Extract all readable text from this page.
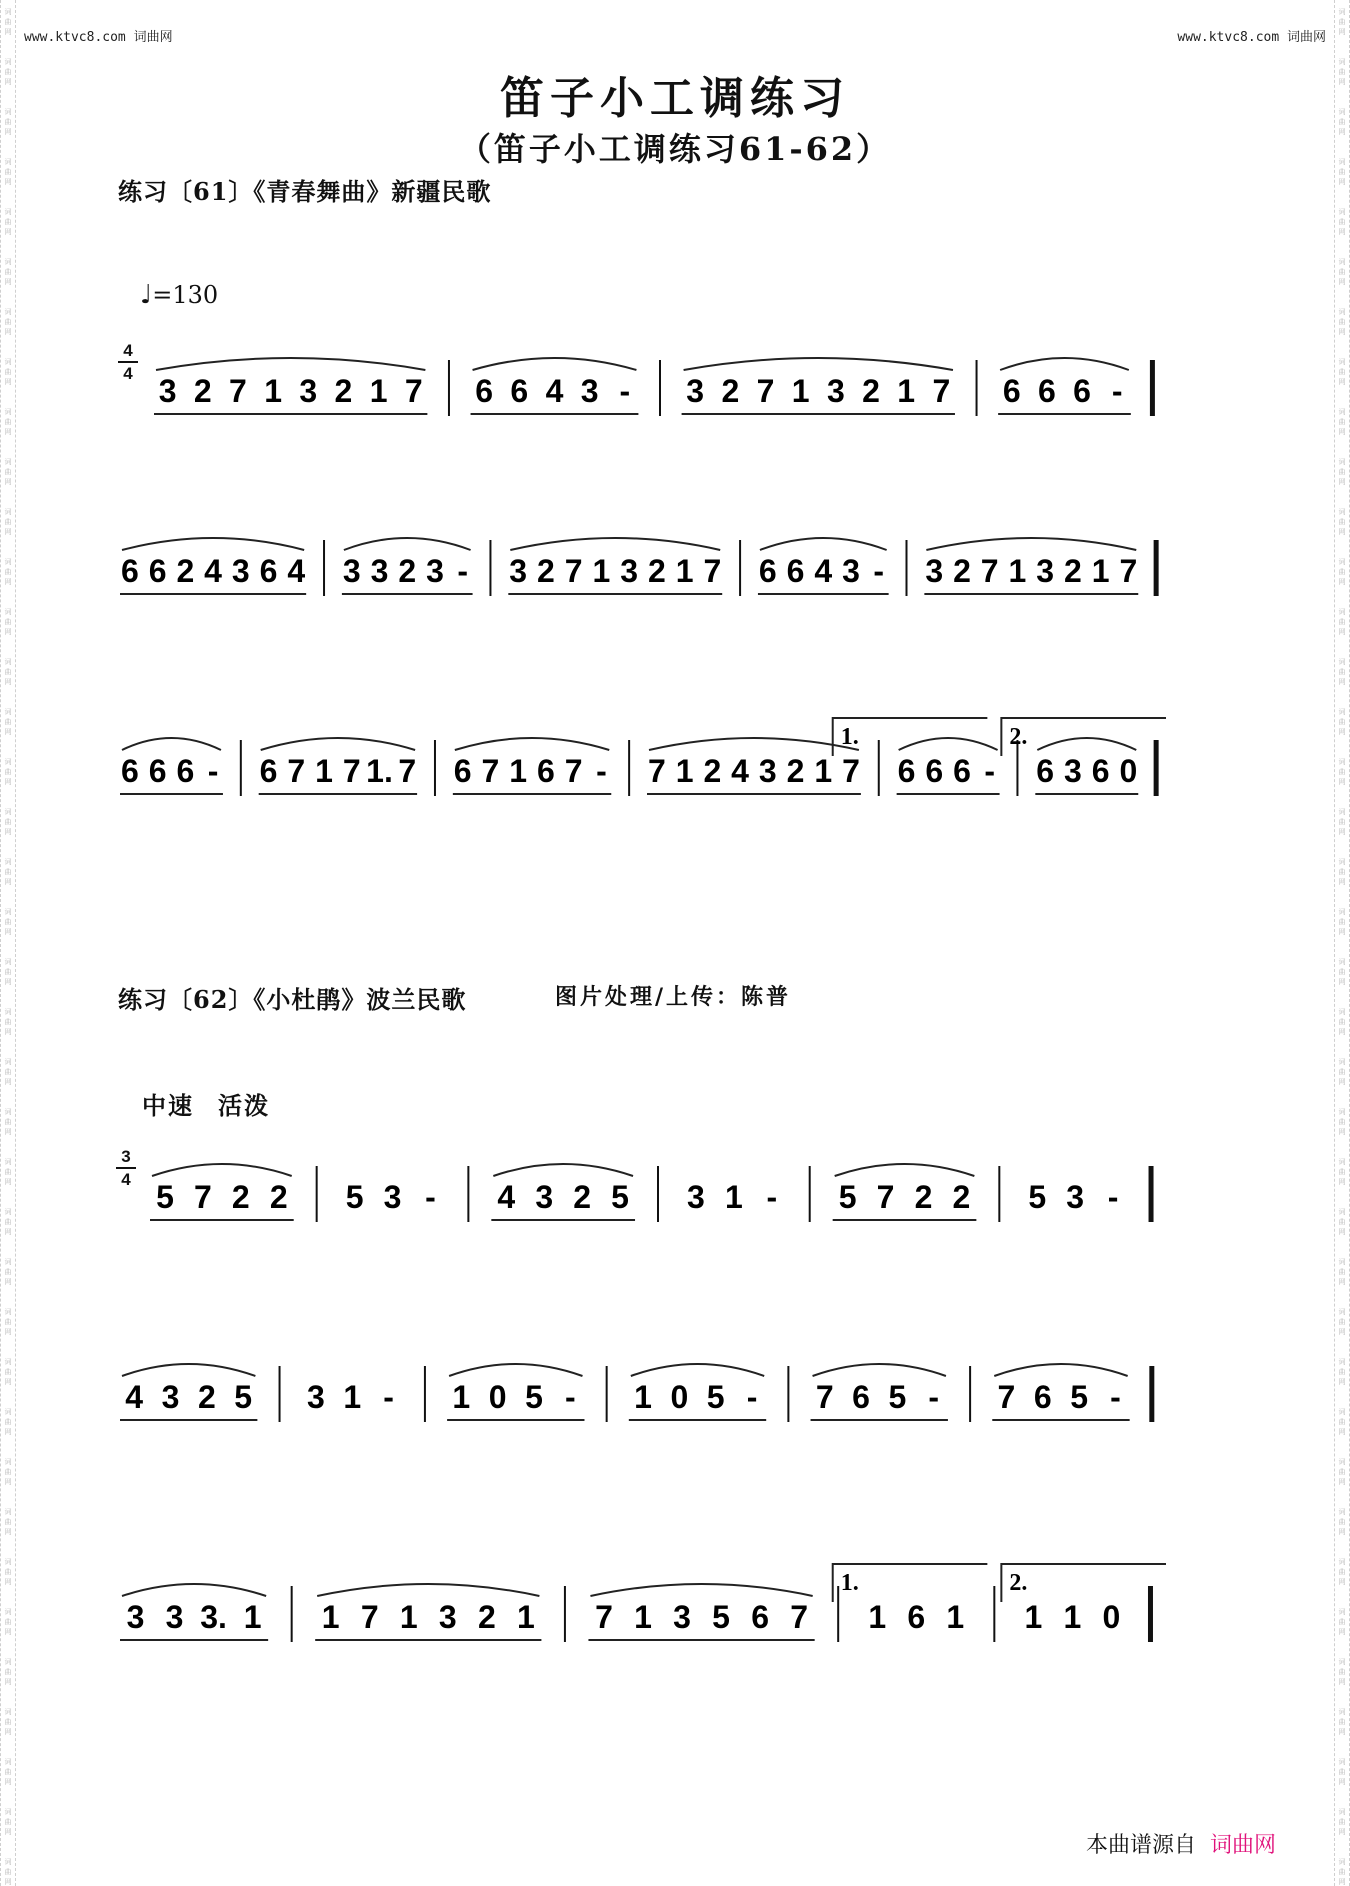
词
曲
网
词
曲
网
词
曲
网
词
曲
网
词
曲
网
词
曲
网
词
曲
网
词
曲
网
词
曲
网
词
曲
网
词
曲
网
词
曲
网
词
曲
网
词
曲
网
词
曲
网
词
曲
网
词
曲
网
词
曲
网
词
曲
网
词
曲
网
词
曲
网
词
曲
网
词
曲
网
词
曲
网
词
曲
网
词
曲
网
词
曲
网
词
曲
网
词
曲
网
词
曲
网
词
曲
网
词
曲
网
词
曲
网
词
曲
网
词
曲
网
词
曲
网
词
曲
网
词
曲
网
词
曲
网
词
曲
网
词
曲
网
词
曲
网
词
曲
网
词
曲
网
词
曲
网
词
曲
网
词
曲
网
词
曲
网
词
曲
网
词
曲
网
词
曲
网
词
曲
网
词
曲
网
词
曲
网
词
曲
网
词
曲
网
词
曲
网
词
曲
网
词
曲
网
词
曲
网
词
曲
网
词
曲
网
词
曲
网
词
曲
网
词
曲
网
词
曲
网
词
曲
网
词
曲
网
词
曲
网
词
曲
网
词
曲
网
词
曲
网
词
曲
网
词
曲
网
词
曲
网
词
曲
网
www.ktvc8.com 词曲网	www.ktvc8.com 词曲网
笛子小工调练习
（笛子小工调练习61-62）
练习〔61〕《青春舞曲》新疆民歌
♩=130
4
4 3 2 7 1 3 2 1 7 6 6 4 3 - 3 2 7 1 3 2 1 7 6 6 6 -
6 6 2 4 3 6 4 3 3 2 3 - 3 2 7 1 3 2 1 7 6 6 4 3 - 3 2 7 1 3 2 1 7
6 6 6 - 6 7 1 7 1. 7 6 7 1 6 7 - 7 1 2 4 3 2 1 7 6 6 6 - 6 3 6 0
1.	2.
练习〔62〕《小杜鹃》波兰民歌	图片处理/上传：陈普
中速 活泼
3
4 5 7 2 2 5 3 - 4 3 2 5 3 1 - 5 7 2 2 5 3 -
4 3 2 5 3 1 - 1 0 5 - 1 0 5 - 7 6 5 - 7 6 5 -
3 3 3. 1 1 7 1 3 2 1 7 1 3 5 6 7 1 6 1 1 1 0
1.	2.
本曲谱源自 词曲网
